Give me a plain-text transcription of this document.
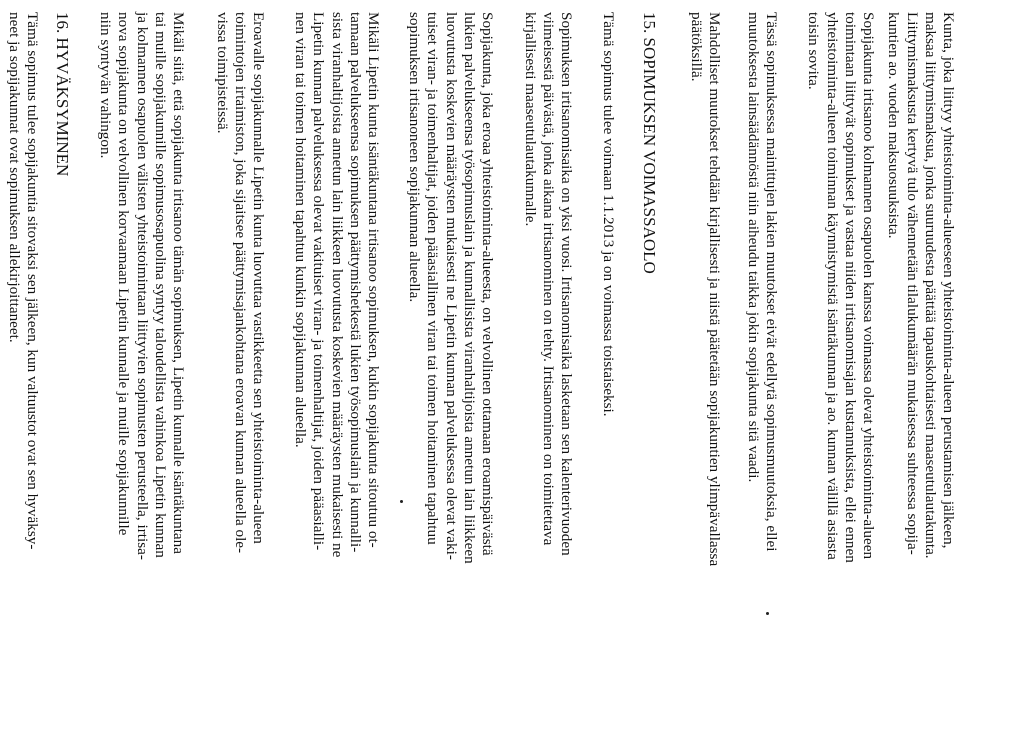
Kunta, joka liittyy yhteistoiminta-alueeseen yhteistoiminta-alueen perustamisen jälkeen,
maksaa liittymismaksua, jonka suuruudesta päättää tapauskohtaisesti maaseutulautakunta.
Liittymismaksusta kertyvä tulo vähennetään tilalukumäärän mukaisessa suhteessa sopija-
kuntien ao. vuoden maksuosuuksista.

Sopijakunta irtisanoo kolmannen osapuolen kanssa voimassa olevat yhteistoiminta-alueen
toimintaan liittyvät sopimukset ja vastaa niiden irtisanomisajan kustannuksista, ellei ennen
yhteistoiminta-alueen toiminnan käynnistymistä isäntäkunnan ja ao. kunnan välillä asiasta
toisin sovita.

Tässä sopimuksessa mainittujen lakien muutokset eivät edellytä sopimusmuutoksia, ellei
muutoksesta lainsäädännöstä niin aiheudu taikka jokin sopijakunta sitä vaadi.

Mahdolliset muutokset tehdään kirjallisesti ja niistä päätetään sopijakuntien ylimpävallassa
päätöksillä.

15. SOPIMUKSEN VOIMASSAOLO

Tämä sopimus tulee voimaan 1.1.2013 ja on voimassa toistaiseksi.

Sopimuksen irtisanomisaika on yksi vuosi. Irtisanomisaika lasketaan sen kalenterivuoden
viimeisestä päivästä, jonka aikana irtisanominen on tehty. Irtisanominen on toimitettava
kirjallisesti maaseutulautakunnalle.

Sopijakunta, joka eroaa yhteistoiminta-alueesta, on velvollinen ottamaan eroamispäivästä
lukien palvelukseensa työsopimuslain ja kunnallisista viranhaltijoista annetun lain liikkeen
luovutusta koskevien määräysten mukaisesti ne Lipetin kunnan palveluksessa olevat vaki-
tuiset viran- ja toimenhaltijat, joiden pääasiallinen viran tai toimen hoitaminen tapahtuu
sopimuksen irtisanoneen sopijakunnan alueella.

Mikäli Lipetin kunta isäntäkuntana irtisanoo sopimuksen, kukin sopijakunta sitoutuu ot-
tamaan palvelukseensa sopimuksen päättymishetkestä lukien työsopimuslain ja kunnalli-
sista viranhaltijoista annetun lain liikkeen luovutusta koskevien määräysten mukaisesti ne
Lipetin kunnan palveluksessa olevat vakituiset viran- ja toimenhaltijat, joiden pääasialli-
nen viran tai toimen hoitaminen tapahtuu kunkin sopijakunnan alueella.

Eroavalle sopijakunnalle Lipetin kunta luovuttaa vastikkeetta sen yhteistoiminta-alueen
toimintojen irtaimiston, joka sijaitsee päättymisajankohtana eroavan kunnan alueella ole-
vissa toimipisteissä.

Mikäli siitä, että sopijakunta irtisanoo tämän sopimuksen, Lipetin kunnalle isäntäkuntana
tai muille sopijakunnille sopimusosapuolina syntyy taloudellista vahinkoa Lipetin kunnan
ja kolmannen osapuolen välisten yhteistoimintaan liittyvien sopimusten perusteella, irtisa-
nova sopijakunta on velvollinen korvaamaan Lipetin kunnalle ja muille sopijakunnille
niin syntyvän vahingon.

16. HYVÄKSYMINEN

Tämä sopimus tulee sopijakuntia sitovaksi sen jälkeen, kun valtuustot ovat sen hyväksy-
neet ja sopijakunnat ovat sopimuksen allekirjoittaneet.
